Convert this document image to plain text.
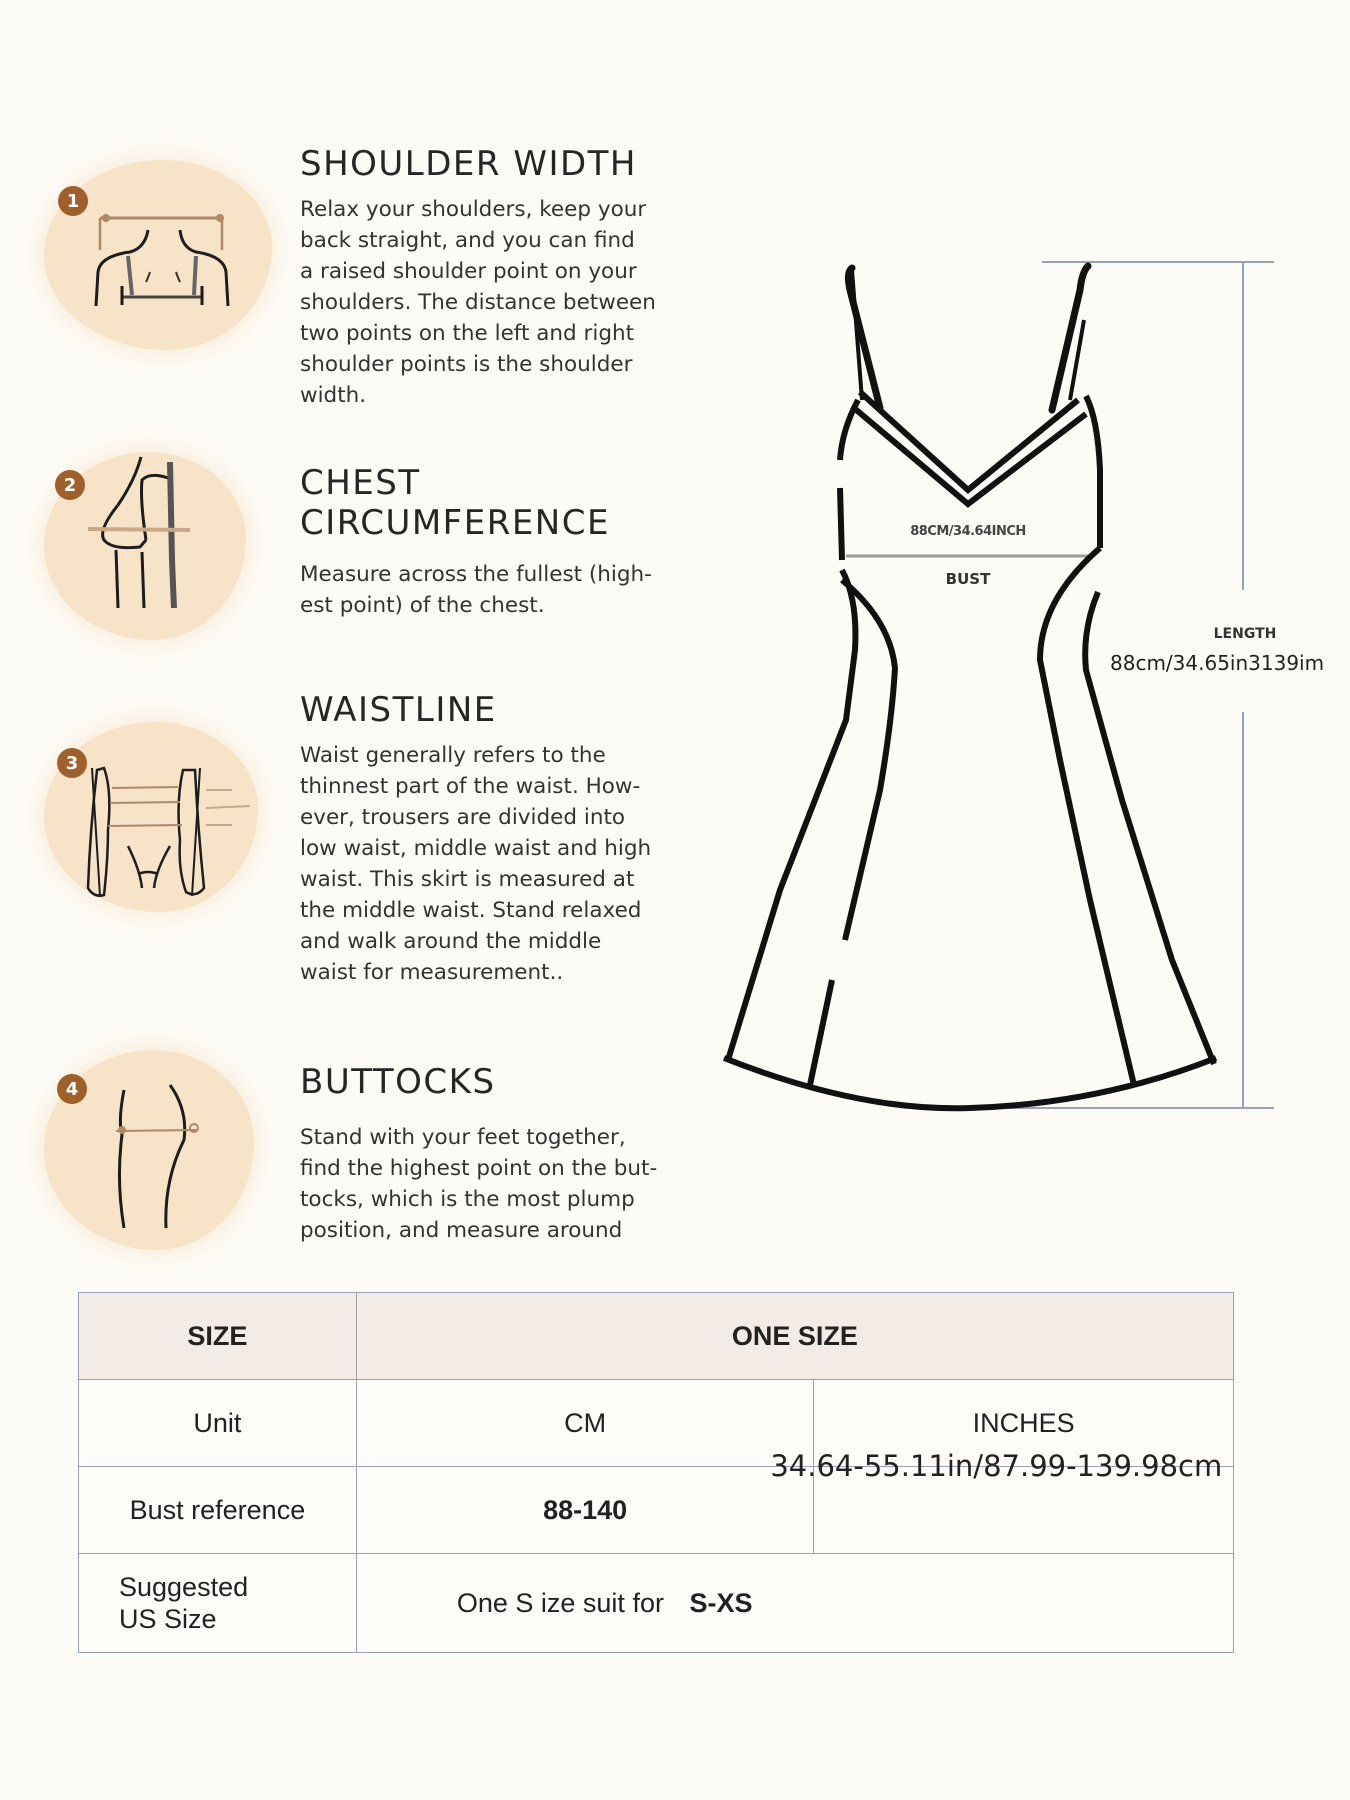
1
2
3
4
SHOULDER WIDTH

Relax your shoulders, keep your
back straight, and you can find
a raised shoulder point on your
shoulders. The distance between
two points on the left and right
shoulder points is the shoulder
width.

CHEST CIRCUMFERENCE

Measure across the fullest (high-
est point) of the chest.

WAISTLINE

Waist generally refers to the
thinnest part of the waist. How-
ever, trousers are divided into
low waist, middle waist and high
waist. This skirt is measured at
the middle waist. Stand relaxed
and walk around the middle
waist for measurement..

BUTTOCKS

Stand with your feet together,
find the highest point on the but-
tocks, which is the most plump
position, and measure around

88CM/34.64INCH
BUST
LENGTH
88cm/34.65in3139im
SIZE	ONE SIZE	
Unit	CM	INCHES
Bust reference	88-140	34.64-55.11in/87.99-139.98cm

Suggested
US Size	One S ize suit for S-XS	
